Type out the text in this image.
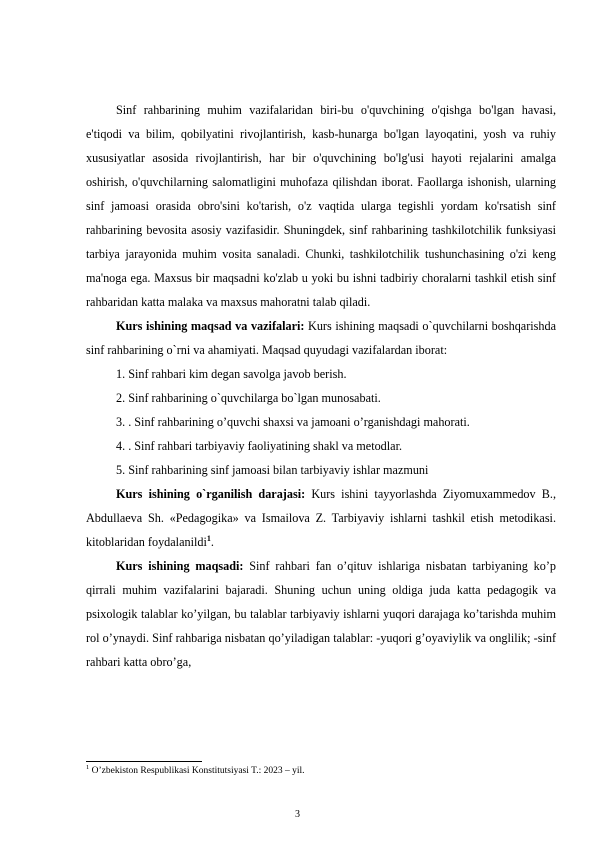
Sinf rahbarining muhim vazifalaridan biri-bu o'quvchining o'qishga bo'lgan havasi, e'tiqodi va bilim, qobilyatini rivojlantirish, kasb-hunarga bo'lgan layoqatini, yosh va ruhiy xususiyatlar asosida rivojlantirish, har bir o'quvchining bo'lg'usi hayoti rejalarini amalga oshirish, o'quvchilarning salomatligini muhofaza qilishdan iborat. Faollarga ishonish, ularning sinf jamoasi orasida obro'sini ko'tarish, o'z vaqtida ularga tegishli yordam ko'rsatish sinf rahbarining bevosita asosiy vazifasidir. Shuningdek, sinf rahbarining tashkilotchilik funksiyasi tarbiya jarayonida muhim vosita sanaladi. Chunki, tashkilotchilik tushunchasining o'zi keng ma'noga ega. Maxsus bir maqsadni ko'zlab u yoki bu ishni tadbiriy choralarni tashkil etish sinf rahbaridan katta malaka va maxsus mahoratni talab qiladi.

Kurs ishining maqsad va vazifalari: Kurs ishining maqsadi o`quvchilarni boshqarishda sinf rahbarining o`rni va ahamiyati. Maqsad quyudagi vazifalardan iborat:

1. Sinf rahbari kim degan savolga javob berish.

2. Sinf rahbarining o`quvchilarga bo`lgan munosabati.

3. . Sinf rahbarining o’quvchi shaxsi va jamoani o’rganishdagi mahorati.

4. . Sinf rahbari tarbiyaviy faoliyatining shakl va metodlar.

5. Sinf rahbarining sinf jamoasi bilan tarbiyaviy ishlar mazmuni

Kurs ishining o`rganilish darajasi: Kurs ishini tayyorlashda Ziyomuxammedov B., Abdullaeva Sh. «Pedagogika» va Ismailova Z. Tarbiyaviy ishlarni tashkil etish metodikasi. kitoblaridan foydalanildi$^1$.

Kurs ishining maqsadi: Sinf rahbari fan o’qituv ishlariga nisbatan tarbiyaning ko’p qirrali muhim vazifalarini bajaradi. Shuning uchun uning oldiga juda katta pedagogik va psixologik talablar ko’yilgan, bu talablar tarbiyaviy ishlarni yuqori darajaga ko’tarishda muhim rol o’ynaydi. Sinf rahbariga nisbatan qo’yiladigan talablar: -yuqori g’oyaviylik va onglilik; -sinf rahbari katta obro’ga,

$^1$ O’zbekiston Respublikasi Konstitutsiyasi T.: 2023 – yil.

3
